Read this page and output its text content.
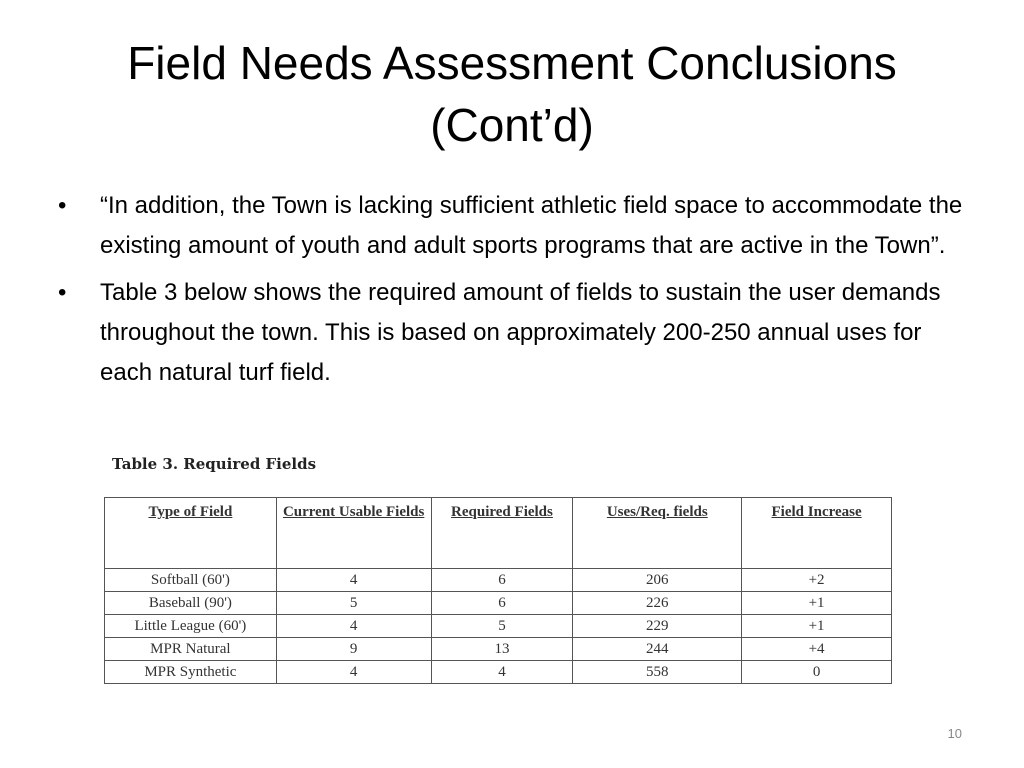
Field Needs Assessment Conclusions
(Cont’d)
• “In addition, the Town is lacking sufficient athletic field space to accommodate the existing amount of youth and adult sports programs that are active in the Town”.
• Table 3 below shows the required amount of fields to sustain the user demands throughout the town. This is based on approximately 200-250 annual uses for each natural turf field.
Table 3. Required Fields
Type of Field	Current Usable Fields	Required Fields	Uses/Req. fields	Field Increase
Softball (60')	4	6	206	+2
Baseball (90')	5	6	226	+1
Little League (60')	4	5	229	+1
MPR Natural	9	13	244	+4
MPR Synthetic	4	4	558	0
10
